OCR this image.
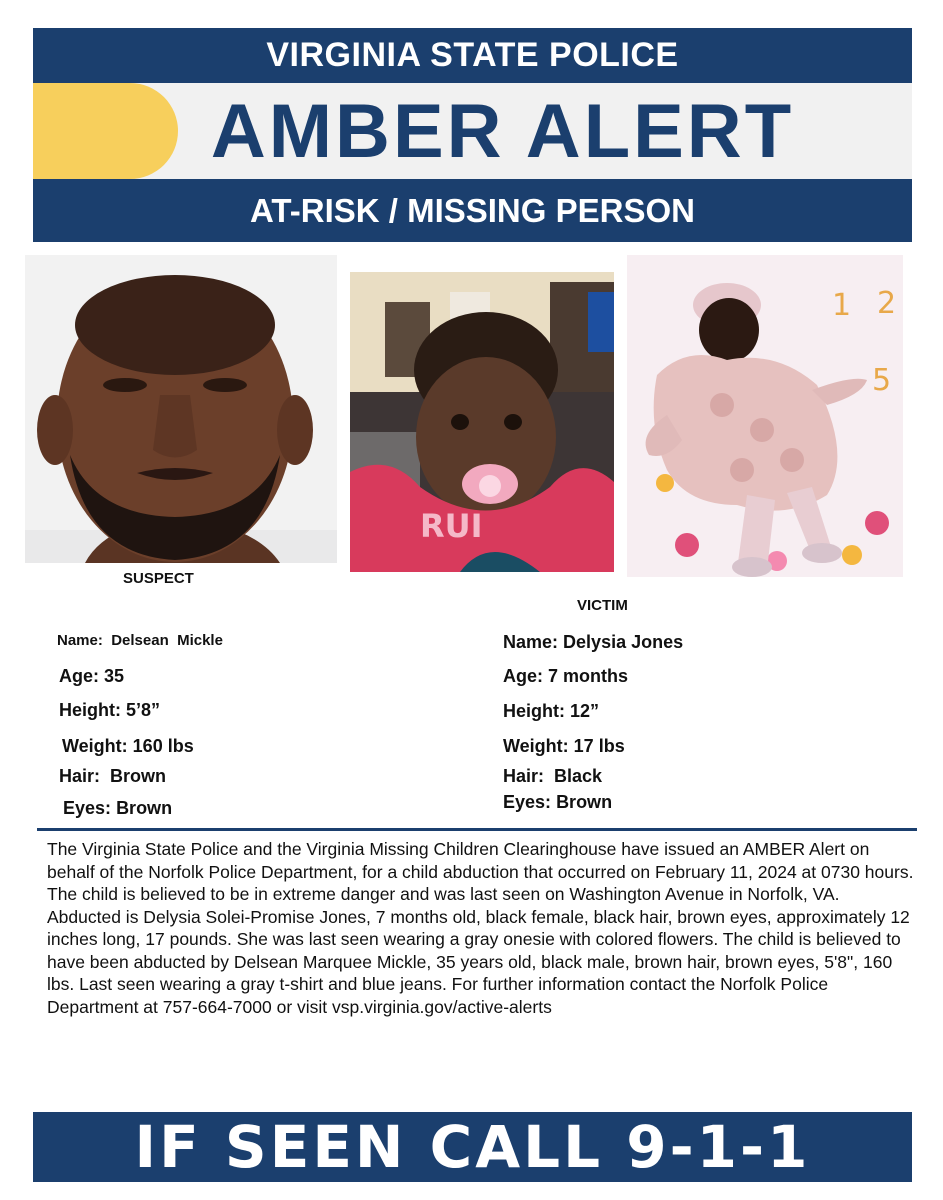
VIRGINIA STATE POLICE
AMBER ALERT
AT-RISK / MISSING PERSON
SUSPECT
RUI
1 2
5
VICTIM
Name: Delsean  Mickle
Age: 35
Height: 5’8”
Weight: 160 lbs
Hair: Brown
Eyes: Brown
Name: Delysia Jones
Age: 7 months
Height: 12”
Weight: 17 lbs
Hair: Black
Eyes: Brown

The Virginia State Police and the Virginia Missing Children Clearinghouse have issued an AMBER Alert on behalf of the Norfolk Police Department, for a child abduction that occurred on February 11, 2024 at 0730 hours. The child is believed to be in extreme danger and was last seen on Washington Avenue in Norfolk, VA.

Abducted is Delysia Solei-Promise Jones, 7 months old, black female, black hair, brown eyes, approximately 12 inches long, 17 pounds. She was last seen wearing a gray onesie with colored flowers. The child is believed to have been abducted by Delsean Marquee Mickle, 35 years old, black male, brown hair, brown eyes, 5'8", 160 lbs. Last seen wearing a gray t-shirt and blue jeans. For further information contact the Norfolk Police Department at 757-664-7000 or visit vsp.virginia.gov/active-alerts

IF SEEN CALL 9-1-1
